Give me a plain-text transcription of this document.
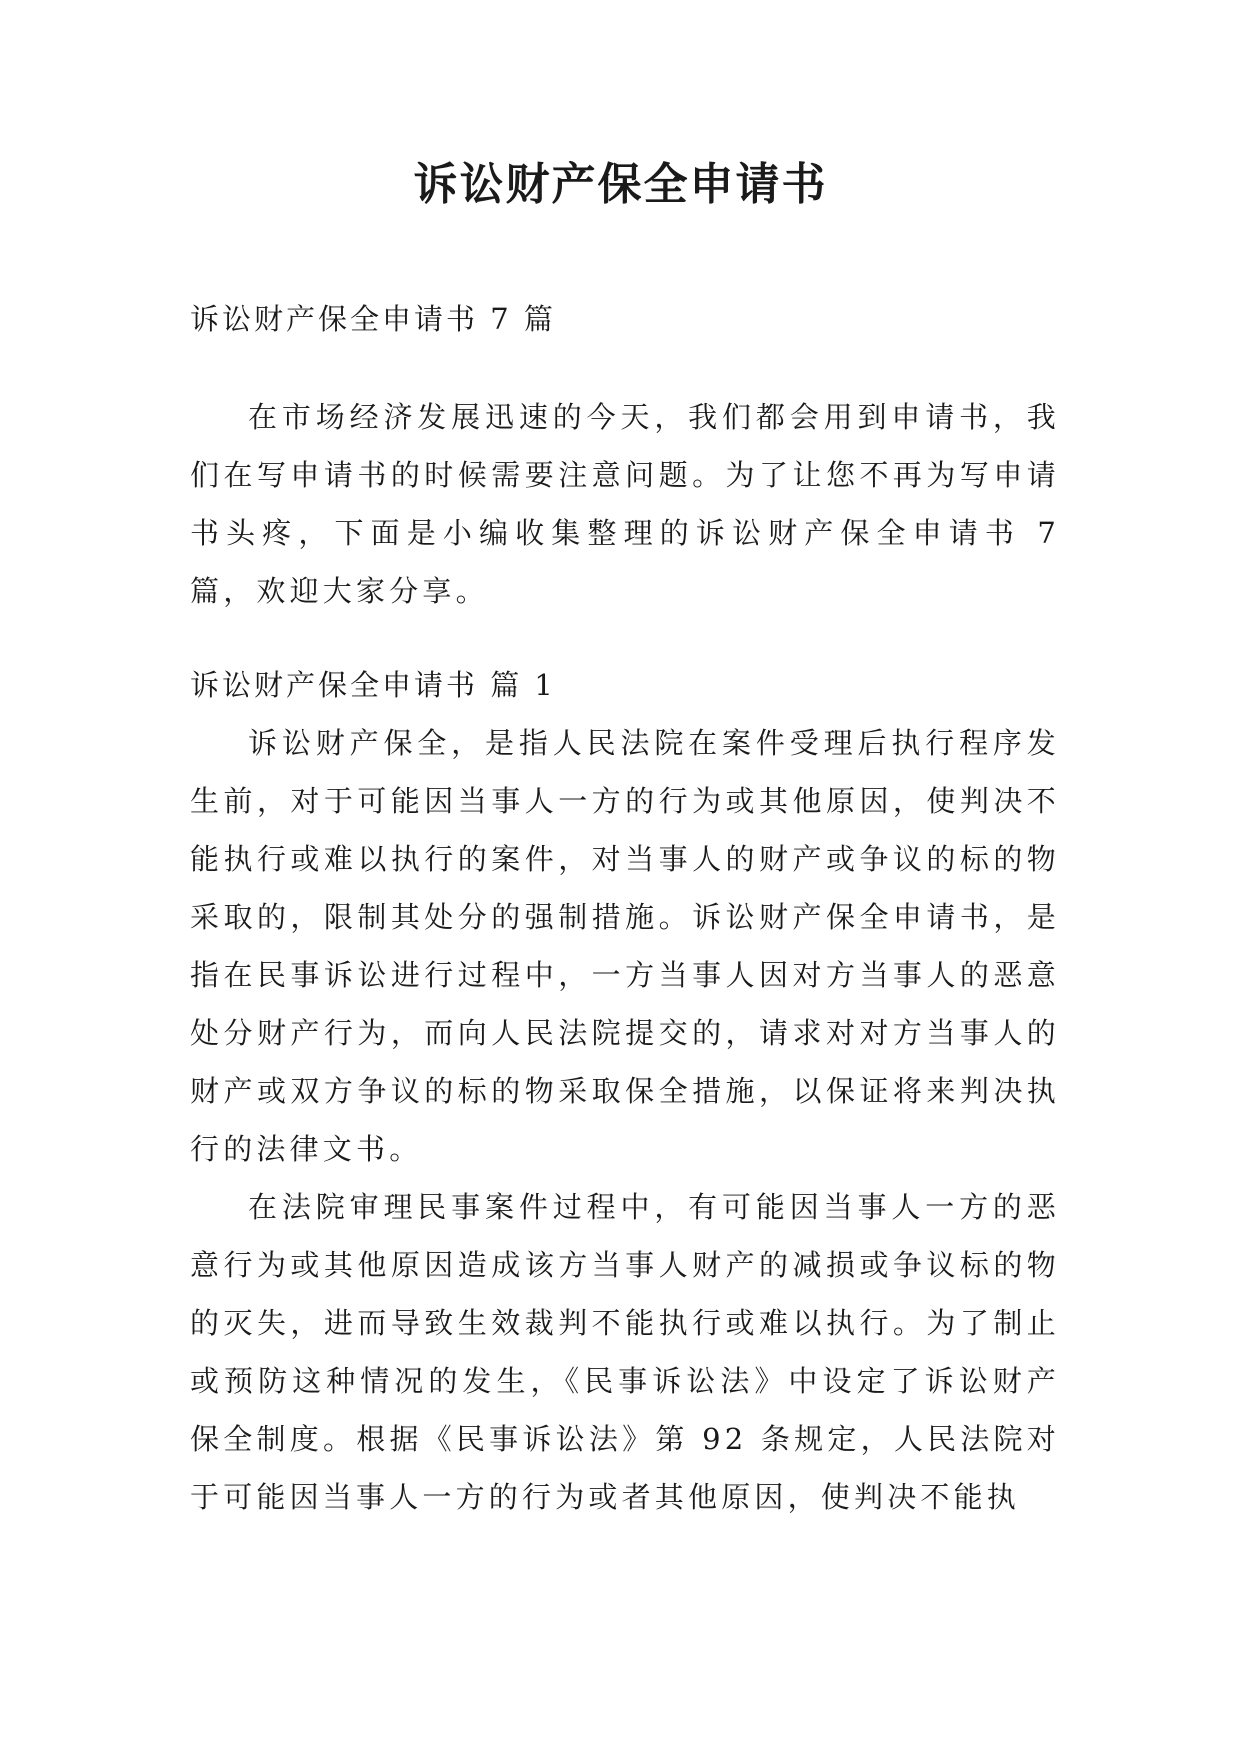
诉讼财产保全申请书

诉讼财产保全申请书 7 篇

在市场经济发展迅速的今天，我们都会用到申请书，我们在写申请书的时候需要注意问题。为了让您不再为写申请书头疼，下面是小编收集整理的诉讼财产保全申请书 7 篇，欢迎大家分享。

诉讼财产保全申请书 篇 1

诉讼财产保全，是指人民法院在案件受理后执行程序发生前，对于可能因当事人一方的行为或其他原因，使判决不能执行或难以执行的案件，对当事人的财产或争议的标的物采取的，限制其处分的强制措施。诉讼财产保全申请书，是指在民事诉讼进行过程中，一方当事人因对方当事人的恶意处分财产行为，而向人民法院提交的，请求对对方当事人的财产或双方争议的标的物采取保全措施，以保证将来判决执行的法律文书。

在法院审理民事案件过程中，有可能因当事人一方的恶意行为或其他原因造成该方当事人财产的减损或争议标的物的灭失，进而导致生效裁判不能执行或难以执行。为了制止或预防这种情况的发生，《民事诉讼法》中设定了诉讼财产保全制度。根据《民事诉讼法》第 92 条规定，人民法院对于可能因当事人一方的行为或者其他原因，使判决不能执
